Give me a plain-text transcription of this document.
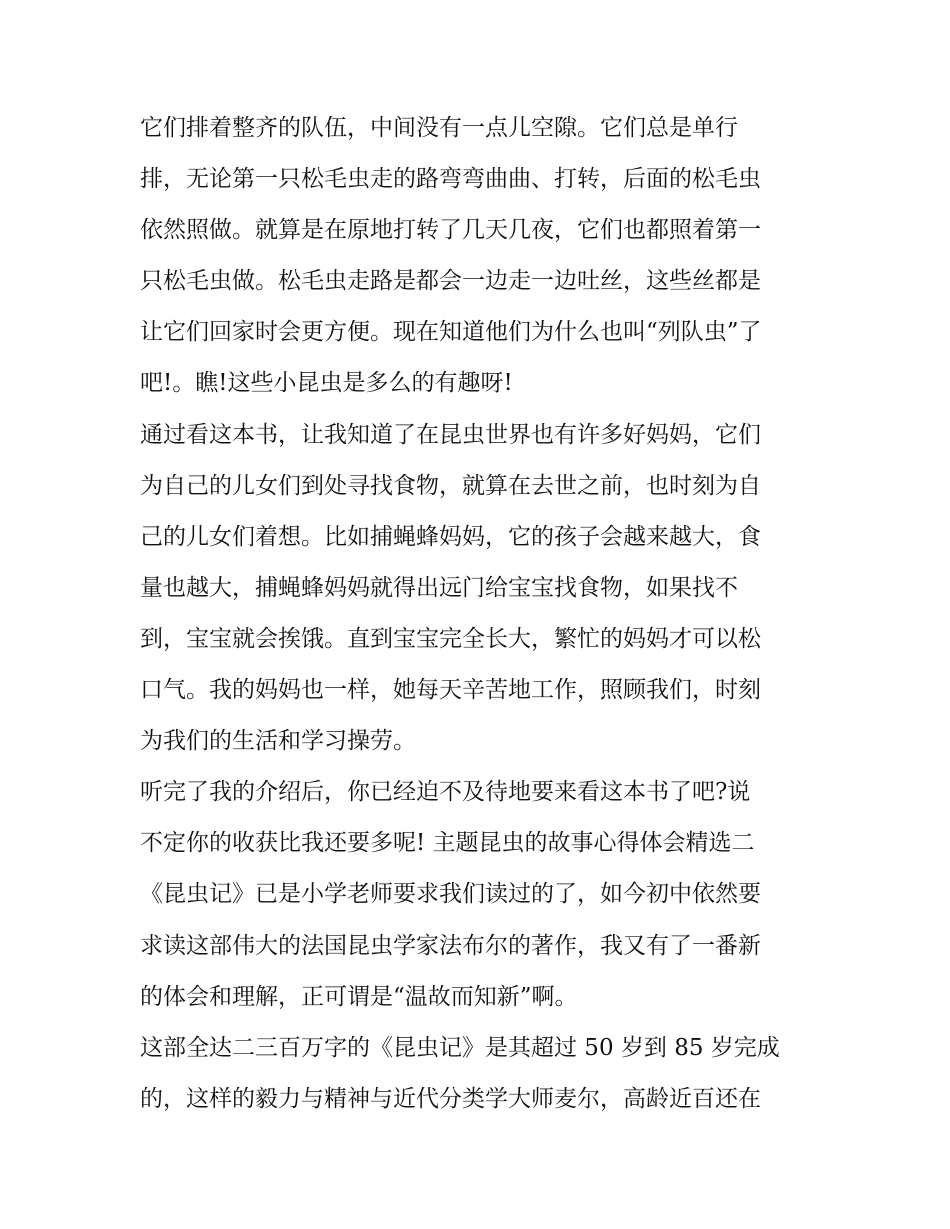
它们排着整齐的队伍，中间没有一点儿空隙。它们总是单行
排，无论第一只松毛虫走的路弯弯曲曲、打转，后面的松毛虫
依然照做。就算是在原地打转了几天几夜，它们也都照着第一
只松毛虫做。松毛虫走路是都会一边走一边吐丝，这些丝都是
让它们回家时会更方便。现在知道他们为什么也叫“列队虫”了
吧!。瞧!这些小昆虫是多么的有趣呀!
通过看这本书，让我知道了在昆虫世界也有许多好妈妈，它们
为自己的儿女们到处寻找食物，就算在去世之前，也时刻为自
己的儿女们着想。比如捕蝇蜂妈妈，它的孩子会越来越大，食
量也越大，捕蝇蜂妈妈就得出远门给宝宝找食物，如果找不
到，宝宝就会挨饿。直到宝宝完全长大，繁忙的妈妈才可以松
口气。我的妈妈也一样，她每天辛苦地工作，照顾我们，时刻
为我们的生活和学习操劳。
听完了我的介绍后，你已经迫不及待地要来看这本书了吧?说
不定你的收获比我还要多呢! 主题昆虫的故事心得体会精选二
《昆虫记》已是小学老师要求我们读过的了，如今初中依然要
求读这部伟大的法国昆虫学家法布尔的著作，我又有了一番新
的体会和理解，正可谓是“温故而知新”啊。
这部全达二三百万字的《昆虫记》是其超过 50 岁到 85 岁完成
的，这样的毅力与精神与近代分类学大师麦尔，高龄近百还在
